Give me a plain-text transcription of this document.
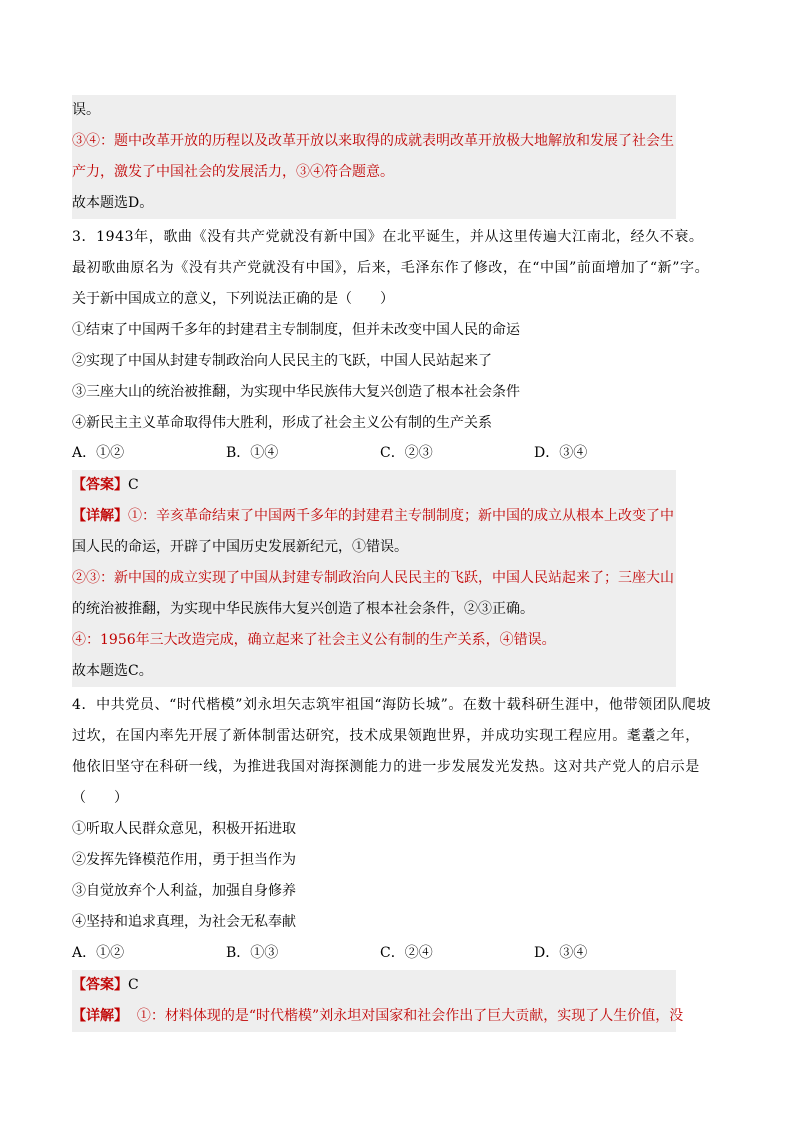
误。
③④：题中改革开放的历程以及改革开放以来取得的成就表明改革开放极大地解放和发展了社会生
产力，激发了中国社会的发展活力，③④符合题意。
故本题选D。
3．1943年，歌曲《没有共产党就没有新中国》在北平诞生，并从这里传遍大江南北，经久不衰。
最初歌曲原名为《没有共产党就没有中国》，后来，毛泽东作了修改，在“中国”前面增加了“新”字。
关于新中国成立的意义，下列说法正确的是（　　）
①结束了中国两千多年的封建君主专制制度，但并未改变中国人民的命运
②实现了中国从封建专制政治向人民民主的飞跃，中国人民站起来了
③三座大山的统治被推翻，为实现中华民族伟大复兴创造了根本社会条件
④新民主主义革命取得伟大胜利，形成了社会主义公有制的生产关系
A．①②	B．①④	C．②③	D．③④
【答案】C
【详解】①：辛亥革命结束了中国两千多年的封建君主专制制度；新中国的成立从根本上改变了中
国人民的命运，开辟了中国历史发展新纪元，①错误。
②③：新中国的成立实现了中国从封建专制政治向人民民主的飞跃，中国人民站起来了；三座大山
的统治被推翻，为实现中华民族伟大复兴创造了根本社会条件，②③正确。
④：1956年三大改造完成，确立起来了社会主义公有制的生产关系，④错误。
故本题选C。
4．中共党员、“时代楷模”刘永坦矢志筑牢祖国“海防长城”。在数十载科研生涯中，他带领团队爬坡
过坎，在国内率先开展了新体制雷达研究，技术成果领跑世界，并成功实现工程应用。耄耋之年，
他依旧坚守在科研一线，为推进我国对海探测能力的进一步发展发光发热。这对共产党人的启示是
（　　）
①听取人民群众意见，积极开拓进取
②发挥先锋模范作用，勇于担当作为
③自觉放弃个人利益，加强自身修养
④坚持和追求真理，为社会无私奉献
A．①②	B．①③	C．②④	D．③④
【答案】C
【详解】  ①：材料体现的是“时代楷模”刘永坦对国家和社会作出了巨大贡献，实现了人生价值，没
